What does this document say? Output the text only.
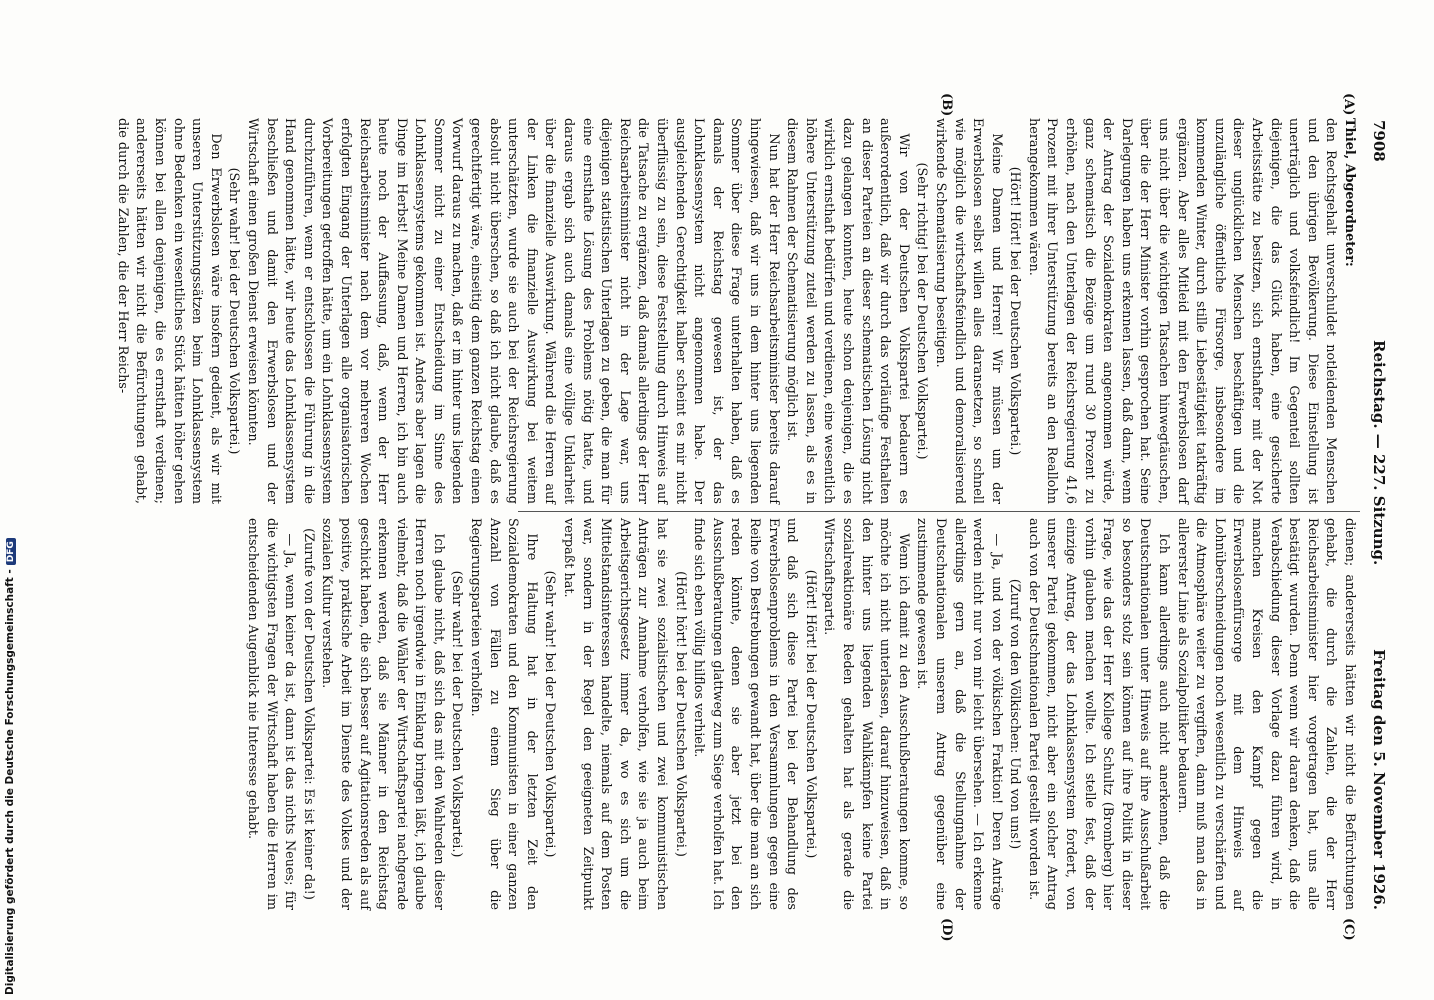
7908
Reichstag. — 227. Sitzung.
Freitag den 5. November 1926.
(A)
(B)
(C)
(D)

Thiel, Abgeordneter:

den Rechtsgehalt unverschuldet notleidenden Menschen und den übrigen Bevölkerung. Diese Einstellung ist unerträglich und volksfeindlich! Im Gegenteil sollten diejenigen, die das Glück haben, eine gesicherte Arbeitsstätte zu besitzen, sich ernsthafter mit der Not dieser unglücklichen Menschen beschäftigen und die unzulängliche öffentliche Fürsorge, insbesondere im kommenden Winter, durch stille Liebestätigkeit tatkräftig ergänzen. Aber alles Mitleid mit den Erwerbslosen darf uns nicht über die wichtigen Tatsachen hinwegtäuschen, über die der Herr Minister vorhin gesprochen hat. Seine Darlegungen haben uns erkennen lassen, daß dann, wenn der Antrag der Sozialdemokraten angenommen würde, ganz schematisch die Bezüge um rund 30 Prozent zu erhöhen, nach den Unterlagen der Reichsregierung 41,6 Prozent mit ihrer Unterstützung bereits an den Reallohn herangekommen wären.

(Hört! Hört! bei der Deutschen Volkspartei.)

Meine Damen und Herren! Wir müssen um der Erwerbslosen selbst willen alles daransetzen, so schnell wie möglich die wirtschaftsfeindlich und demoralisierend wirkende Schematisierung beseitigen.

(Sehr richtig! bei der Deutschen Volkspartei.)

Wir von der Deutschen Volkspartei bedauern es außerordentlich, daß wir durch das vorläufige Festhalten an dieser Parteien an dieser schematischen Lösung nicht dazu gelangen konnten, heute schon denjenigen, die es wirklich ernsthaft bedürfen und verdienen, eine wesentlich höhere Unterstützung zuteil werden zu lassen, als es in diesem Rahmen der Schematisierung möglich ist.

Nun hat der Herr Reichsarbeitsminister bereits darauf hingewiesen, daß wir uns in dem hinter uns liegenden Sommer über diese Frage unterhalten haben, daß es damals der Reichstag gewesen ist, der das Lohnklassensystem nicht angenommen habe. Der ausgleichenden Gerechtigkeit halber scheint es mir nicht überflüssig zu sein, diese Feststellung durch Hinweis auf die Tatsache zu ergänzen, daß damals allerdings der Herr Reichsarbeitsminister nicht in der Lage war, uns diejenigen statistischen Unterlagen zu geben, die man für eine ernsthafte Lösung des Problems nötig hatte, und daraus ergab sich auch damals eine völlige Unklarheit über die finanzielle Auswirkung. Während die Herren auf der Linken die finanzielle Auswirkung bei weitem unterschätzten, wurde sie auch bei der Reichsregierung absolut nicht überschen, so daß ich nicht glaube, daß es gerechtfertigt wäre, einseitig dem ganzen Reichstag einen Vorwurf daraus zu machen, daß er im hinter uns liegenden Sommer nicht zu einer Entscheidung im Sinne des Lohnklassensystems gekommen ist. Anders aber lagen die Dinge im Herbst! Meine Damen und Herren, ich bin auch heute noch der Auffassung, daß, wenn der Herr Reichsarbeitsminister nach dem vor mehreren Wochen erfolgten Eingang der Unterlagen alle organisatorischen Vorbereitungen getroffen hätte, um ein Lohnklassensystem durchzuführen, wenn er entschlossen die Führung in die Hand genommen hätte, wir heute das Lohnklassensystem beschließen und damit den Erwerbslosen und der Wirtschaft einen großen Dienst erweisen könnten.

(Sehr wahr! bei der Deutschen Volkspartei.)

Den Erwerbslosen wäre insofern gedient, als wir mit unseren Unterstützungssätzen beim Lohnklassensystem ohne Bedenken ein wesentliches Stück hätten höher gehen können bei allen denjenigen, die es ernsthaft verdienen; andererseits hätten wir nicht die Befürchtungen gehabt, die durch die Zahlen, die der Herr Reichs-

dienen; andererseits hätten wir nicht die Befürchtungen gehabt, die durch die Zahlen, die der Herr Reichsarbeitsminister hier vorgetragen hat, uns alle bestätigt wurden. Denn wenn wir daran denken, daß die Verabschiedung dieser Vorlage dazu führen wird, in manchen Kreisen den Kampf gegen die Erwerbslosenfürsorge mit dem Hinweis auf Lohnüberschneidungen noch wesentlich zu verschärfen und die Atmosphäre weiter zu vergiften, dann muß man das in allererster Linie als Sozialpolitiker bedauern.

Ich kann allerdings auch nicht anerkennen, daß die Deutschnationalen unter Hinweis auf ihre Ausschußarbeit so besonders stolz sein können auf ihre Politik in dieser Frage, wie das der Herr Kollege Schultz (Bromberg) hier vorhin glauben machen wollte. Ich stelle fest, daß der einzige Antrag, der das Lohnklassensystem fordert, von unserer Partei gekommen, nicht aber ein solcher Antrag auch von der Deutschnationalen Partei gestellt worden ist.

(Zuruf von den Völkischen: Und von uns!)

— Ja, und von der völkischen Fraktion! Deren Anträge werden nicht nur von mir leicht übersehen. — Ich erkenne allerdings gern an, daß die Stellungnahme der Deutschnationalen unserem Antrag gegenüber eine zustimmende gewesen ist.

Wenn ich damit zu den Ausschußberatungen komme, so möchte ich nicht unterlassen, darauf hinzuweisen, daß in den hinter uns liegenden Wahlkämpfen keine Partei sozialreaktionäre Reden gehalten hat als gerade die Wirtschaftspartei.

(Hört! Hört! bei der Deutschen Volkspartei.)

und daß sich diese Partei bei der Behandlung des Erwerbslosenproblems in den Versammlungen gegen eine Reihe von Bestrebungen gewandt hat, über die man an sich reden könnte, denen sie aber jetzt bei den Ausschußberatungen glattweg zum Siege verholfen hat. Ich finde sich eben völlig hilflos verhielt.

(Hört! hört! bei der Deutschen Volkspartei.)

hat sie zwei sozialistischen und zwei kommunistischen Anträgen zur Annahme verholfen, wie sie ja auch beim Arbeitsgerichtsgesetz immer da, wo es sich um die Mittelstandsinteressen handelte, niemals auf dem Posten war, sondern in der Regel den geeigneten Zeitpunkt verpaßt hat.

(Sehr wahr! bei der Deutschen Volkspartei.)

Ihre Haltung hat in der letzten Zeit den Sozialdemokraten und den Kommunisten in einer ganzen Anzahl von Fällen zu einem Sieg über die Regierungsparteien verholfen.

(Sehr wahr! bei der Deutschen Volkspartei.)

Ich glaube nicht, daß sich das mit den Wahlreden dieser Herren noch irgendwie in Einklang bringen läßt, ich glaube vielmehr, daß die Wähler der Wirtschaftspartei nachgerade erkennen werden, daß sie Männer in den Reichstag geschickt haben, die sich besser auf Agitationsreden als auf positive, praktische Arbeit im Dienste des Volkes und der sozialen Kultur verstehen.

(Zurufe von der Deutschen Volkspartei: Es ist keiner da!)

— Ja, wenn keiner da ist, dann ist das nichts Neues; für die wichtigsten Fragen der Wirtschaft haben die Herren im entscheidenden Augenblick nie Interesse gehabt.

Digitalisierung gefördert durch die Deutsche Forschungsgemeinschaft -DFG
